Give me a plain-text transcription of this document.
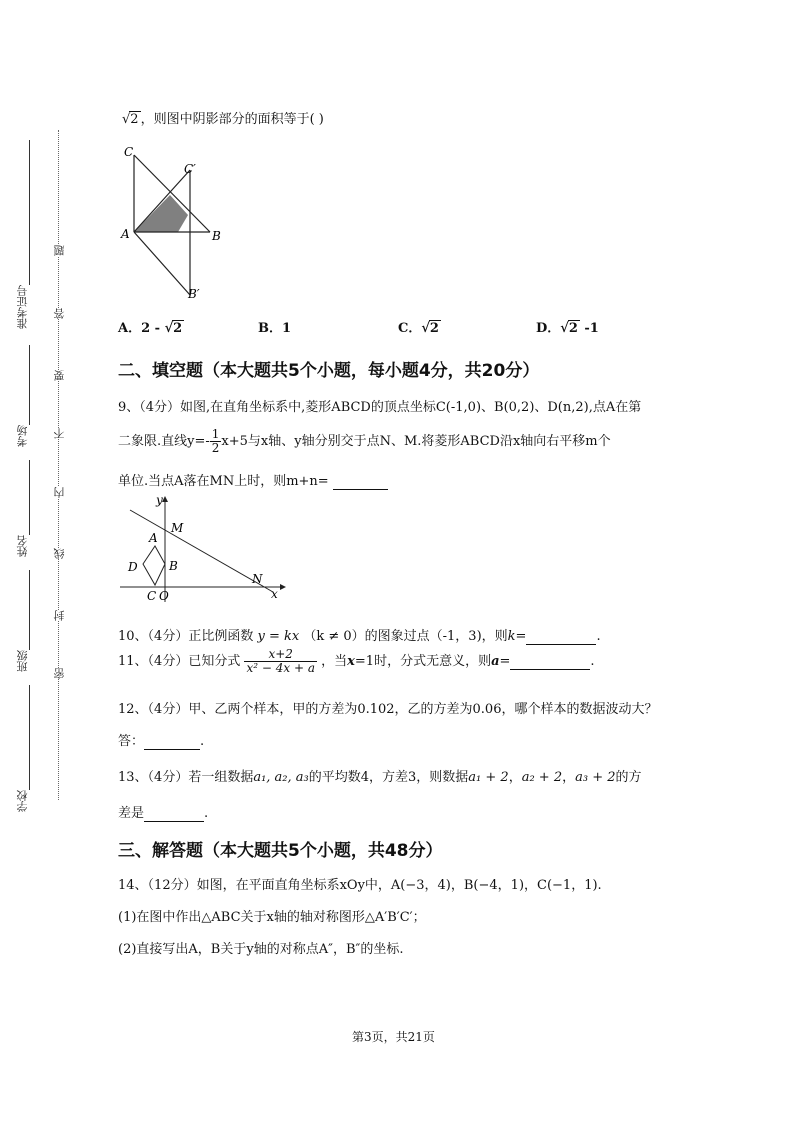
准考证号
考场
姓名
班级
学校
题
答
要
不
内
线
封
密
√2 ，则图中阴影部分的面积等于( )
C
C′
A	B
B′
A．2 - √2	B．1	C．√2	D．√2 -1
二、填空题（本大题共5个小题，每小题4分，共20分）
9、（4分）如图,在直角坐标系中,菱形ABCD的顶点坐标C(-1,0)、B(0,2)、D(n,2),点A在第
二象限.直线$y=- \frac{1}{2} x+5$与x轴、y轴分别交于点N、M.将菱形ABCD沿x轴向右平移m个
单位.当点A落在MN上时，则m+n=
y
M
A
D	B
N
C O	x
10、（4分）正比例函数 y = kx （k ≠ 0）的图象过点（-1，3)，则k=	.
11、（4分）已知分式 $\frac{x+2}{\text{x² − 4x + a}}$ ，当x=1时，分式无意义，则a=	.
12、（4分）甲、乙两个样本，甲的方差为0.102，乙的方差为0.06，哪个样本的数据波动大？
答：	.
13、（4分）若一组数据a₁, a₂, a₃的平均数4，方差3，则数据a₁ + 2，a₂ + 2，a₃ + 2的方
差是	.
三、解答题（本大题共5个小题，共48分）
14、（12分）如图，在平面直角坐标系xOy中，A(−3，4)，B(−4，1)，C(−1，1).
(1)在图中作出△ABC关于x轴的轴对称图形△A′B′C′；
(2)直接写出A，B关于y轴的对称点A″，B″的坐标.
第3页，共21页
